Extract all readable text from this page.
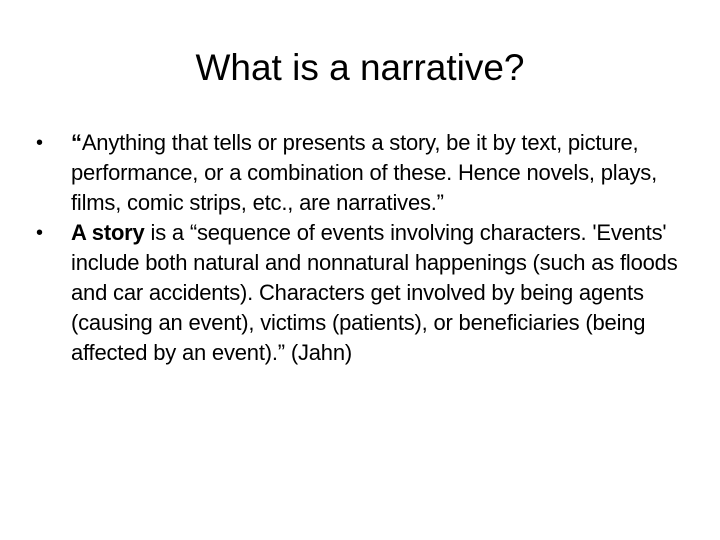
What is a narrative?
•	“Anything that tells or presents a story, be it by text, picture, performance, or a combination of these. Hence novels, plays, films, comic strips, etc., are narratives.”
•	A story is a “sequence of events involving characters. 'Events' include both natural and nonnatural happenings (such as floods and car accidents). Characters get involved by being agents (causing an event), victims (patients), or beneficiaries (being affected by an event).” (Jahn)
